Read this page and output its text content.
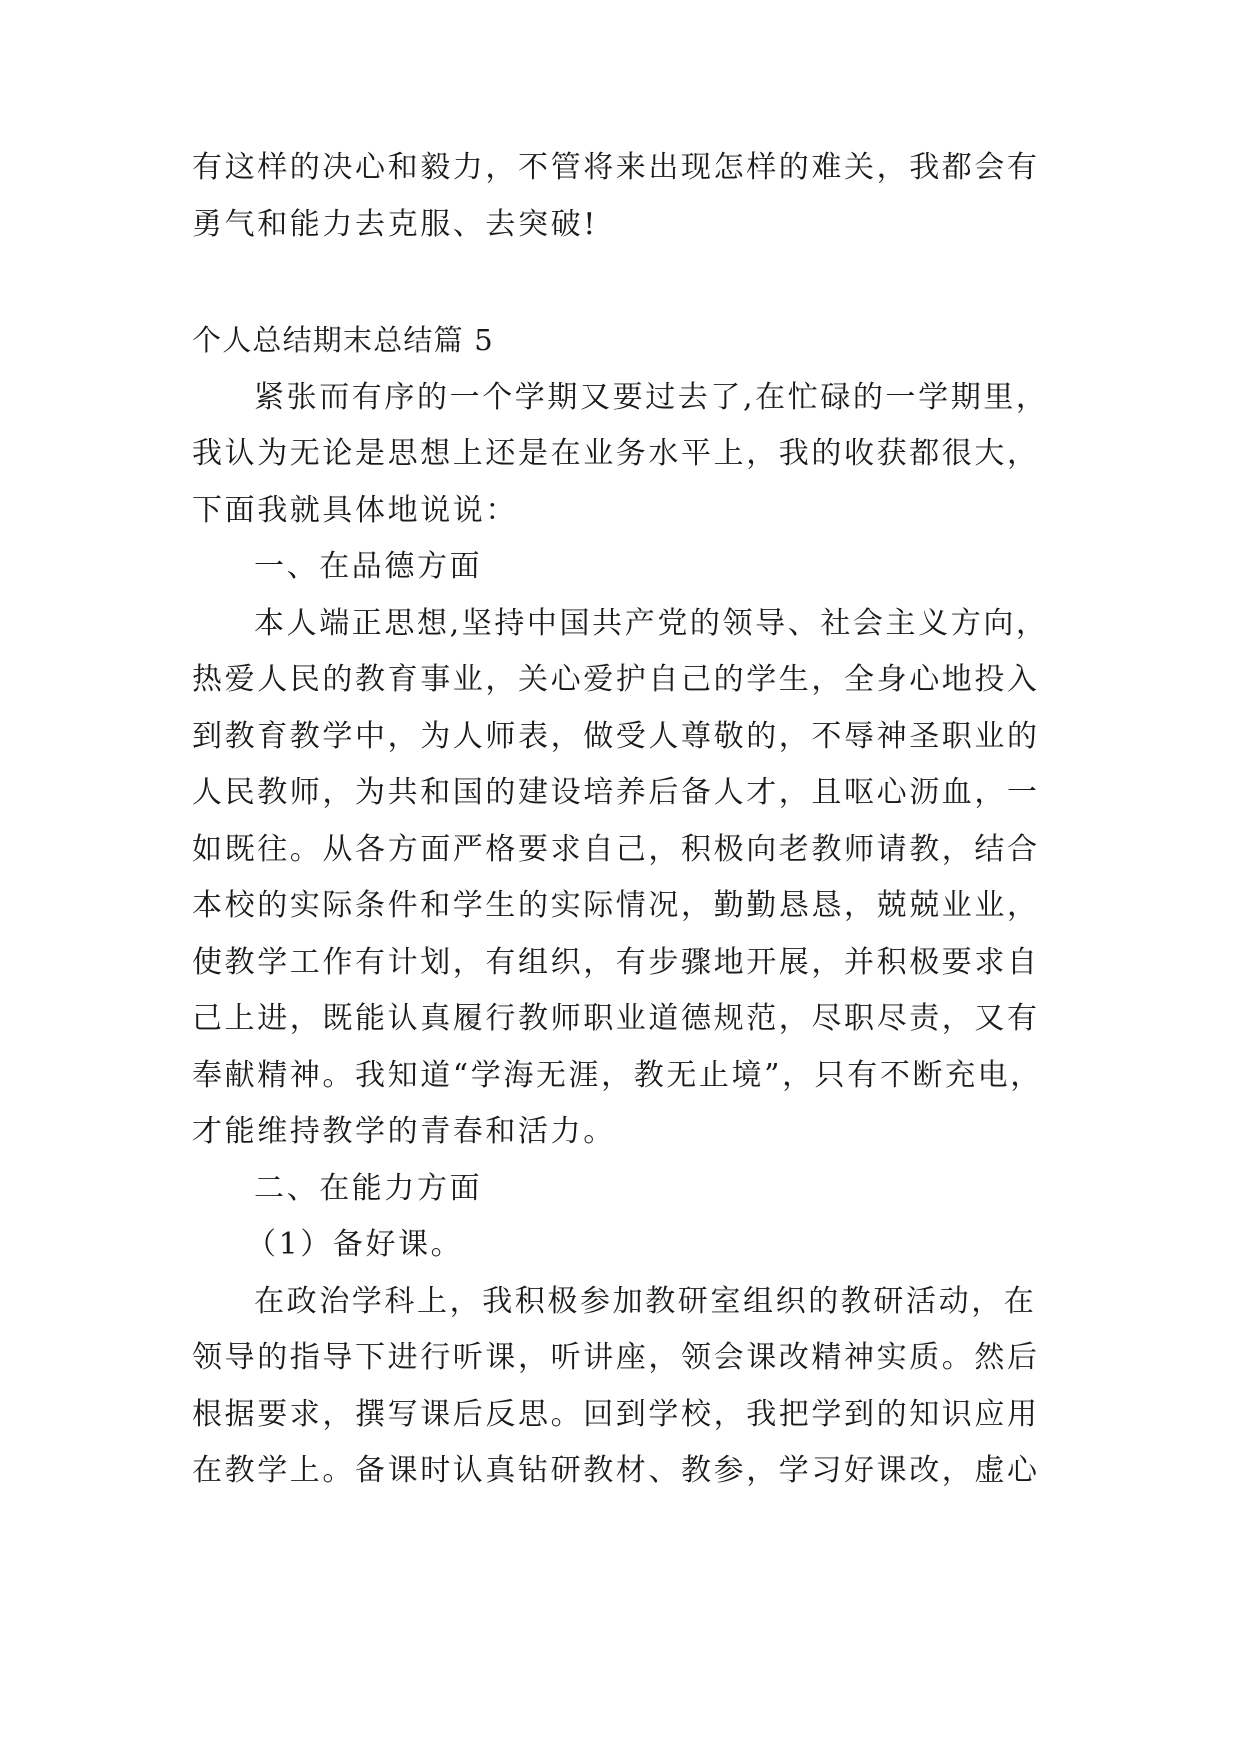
有这样的决心和毅力，不管将来出现怎样的难关，我都会有
勇气和能力去克服、去突破!
个人总结期末总结篇 5
紧张而有序的一个学期又要过去了,在忙碌的一学期里，
我认为无论是思想上还是在业务水平上，我的收获都很大，
下面我就具体地说说：
一、在品德方面
本人端正思想,坚持中国共产党的领导、社会主义方向，
热爱人民的教育事业，关心爱护自己的学生，全身心地投入
到教育教学中，为人师表，做受人尊敬的，不辱神圣职业的
人民教师，为共和国的建设培养后备人才，且呕心沥血，一
如既往。从各方面严格要求自己，积极向老教师请教，结合
本校的实际条件和学生的实际情况，勤勤恳恳，兢兢业业，
使教学工作有计划，有组织，有步骤地开展，并积极要求自
己上进，既能认真履行教师职业道德规范，尽职尽责，又有
奉献精神。我知道“学海无涯，教无止境”，只有不断充电，
才能维持教学的青春和活力。
二、在能力方面
（1）备好课。
在政治学科上，我积极参加教研室组织的教研活动，在
领导的指导下进行听课，听讲座，领会课改精神实质。然后
根据要求，撰写课后反思。回到学校，我把学到的知识应用
在教学上。备课时认真钻研教材、教参，学习好课改，虚心
